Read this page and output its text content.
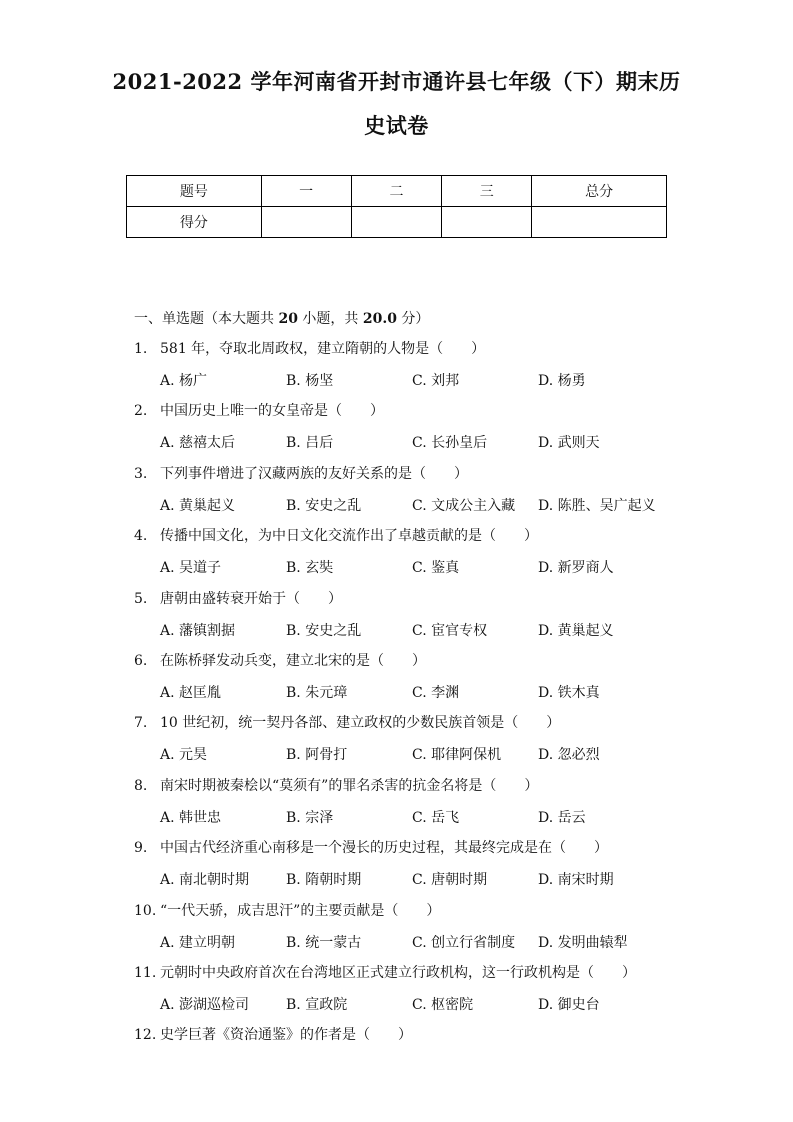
2021-2022 学年河南省开封市通许县七年级（下）期末历
史试卷
题号	一	二	三	总分
得分				
一、单选题（本大题共 20 小题，共 20.0 分）
1. 581 年，夺取北周政权，建立隋朝的人物是（　　）
A. 杨广	B. 杨坚	C. 刘邦	D. 杨勇
2. 中国历史上唯一的女皇帝是（　　）
A. 慈禧太后	B. 吕后	C. 长孙皇后	D. 武则天
3. 下列事件增进了汉藏两族的友好关系的是（　　）
A. 黄巢起义	B. 安史之乱	C. 文成公主入藏 D. 陈胜、吴广起义
4. 传播中国文化，为中日文化交流作出了卓越贡献的是（　　）
A. 吴道子	B. 玄奘	C. 鉴真	D. 新罗商人
5. 唐朝由盛转衰开始于（　　）
A. 藩镇割据	B. 安史之乱	C. 宦官专权	D. 黄巢起义
6. 在陈桥驿发动兵变，建立北宋的是（　　）
A. 赵匡胤	B. 朱元璋	C. 李渊	D. 铁木真
7. 10 世纪初，统一契丹各部、建立政权的少数民族首领是（　　）
A. 元昊	B. 阿骨打	C. 耶律阿保机	D. 忽必烈
8. 南宋时期被秦桧以“莫须有”的罪名杀害的抗金名将是（　　）
A. 韩世忠	B. 宗泽	C. 岳飞	D. 岳云
9. 中国古代经济重心南移是一个漫长的历史过程，其最终完成是在（　　）
A. 南北朝时期	B. 隋朝时期	C. 唐朝时期	D. 南宋时期
10. “一代天骄，成吉思汗”的主要贡献是（　　）
A. 建立明朝	B. 统一蒙古	C. 创立行省制度 D. 发明曲辕犁
11. 元朝时中央政府首次在台湾地区正式建立行政机构，这一行政机构是（　　）
A. 澎湖巡检司	B. 宣政院	C. 枢密院	D. 御史台
12. 史学巨著《资治通鉴》的作者是（　　）
